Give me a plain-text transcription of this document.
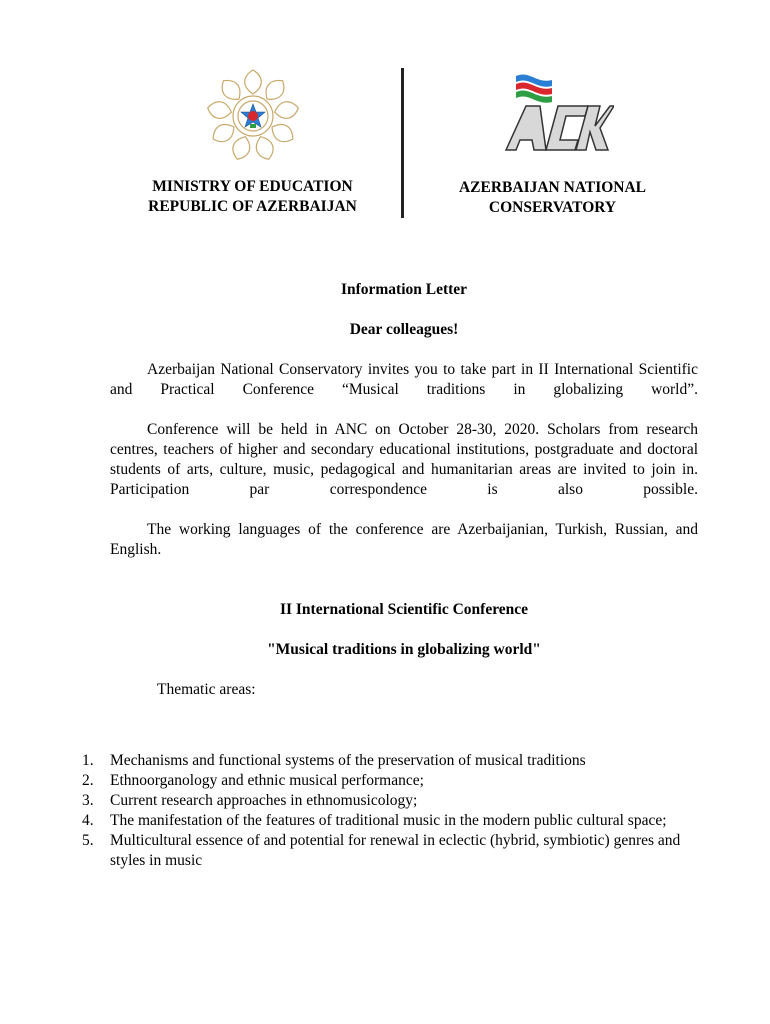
MINISTRY OF EDUCATION
REPUBLIC OF AZERBAIJAN
AZERBAIJAN NATIONAL
CONSERVATORY

Information Letter

Dear colleagues!

Azerbaijan National Conservatory invites you to take part in II International Scientific and Practical Conference “Musical traditions in globalizing world”.

Conference will be held in ANC on October 28-30, 2020. Scholars from research centres, teachers of higher and secondary educational institutions, postgraduate and doctoral students of arts, culture, music, pedagogical and humanitarian areas are invited to join in. Participation par correspondence is also possible.

The working languages of the conference are Azerbaijanian, Turkish, Russian, and English.

II International Scientific Conference

"Musical traditions in globalizing world"

Thematic areas:

1. Mechanisms and functional systems of the preservation of musical traditions
2. Ethnoorganology and ethnic musical performance;
3. Current research approaches in ethnomusicology;
4. The manifestation of the features of traditional music in the modern public cultural space;
5. Multicultural essence of and potential for renewal in eclectic (hybrid, symbiotic) genres and styles in music
